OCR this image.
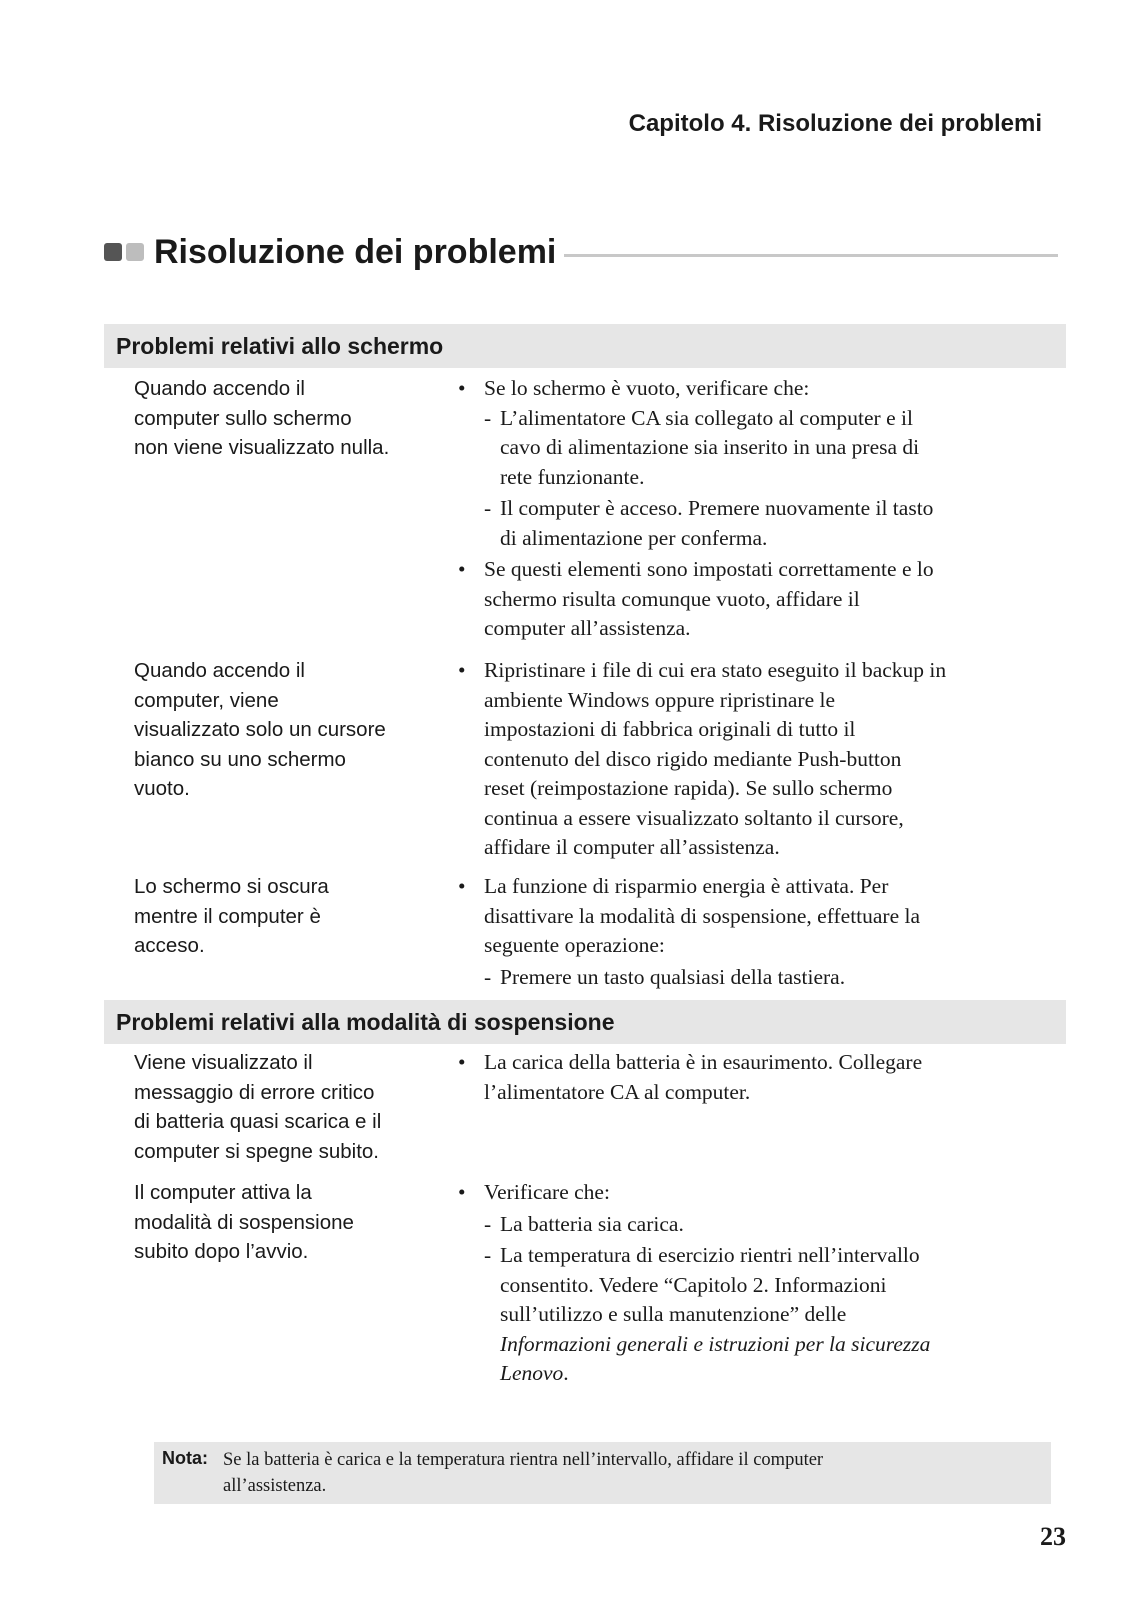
Capitolo 4. Risoluzione dei problemi
Risoluzione dei problemi
Problemi relativi allo schermo
Quando accendo il
computer sullo schermo
non viene visualizzato nulla.
• Se lo schermo è vuoto, verificare che:
- L’alimentatore CA sia collegato al computer e il
cavo di alimentazione sia inserito in una presa di
rete funzionante.
- Il computer è acceso. Premere nuovamente il tasto
di alimentazione per conferma.
• Se questi elementi sono impostati correttamente e lo
schermo risulta comunque vuoto, affidare il
computer all’assistenza.
Quando accendo il
computer, viene
visualizzato solo un cursore
bianco su uno schermo
vuoto.
• Ripristinare i file di cui era stato eseguito il backup in
ambiente Windows oppure ripristinare le
impostazioni di fabbrica originali di tutto il
contenuto del disco rigido mediante Push-button
reset (reimpostazione rapida). Se sullo schermo
continua a essere visualizzato soltanto il cursore,
affidare il computer all’assistenza.
Lo schermo si oscura
mentre il computer è
acceso.
• La funzione di risparmio energia è attivata. Per
disattivare la modalità di sospensione, effettuare la
seguente operazione:
- Premere un tasto qualsiasi della tastiera.
Problemi relativi alla modalità di sospensione
Viene visualizzato il
messaggio di errore critico
di batteria quasi scarica e il
computer si spegne subito.
• La carica della batteria è in esaurimento. Collegare
l’alimentatore CA al computer.
Il computer attiva la
modalità di sospensione
subito dopo l’avvio.
• Verificare che:
- La batteria sia carica.
- La temperatura di esercizio rientri nell’intervallo
consentito. Vedere “Capitolo 2. Informazioni
sull’utilizzo e sulla manutenzione” delle
Informazioni generali e istruzioni per la sicurezza
Lenovo.
Nota: Se la batteria è carica e la temperatura rientra nell’intervallo, affidare il computer
all’assistenza.
23
